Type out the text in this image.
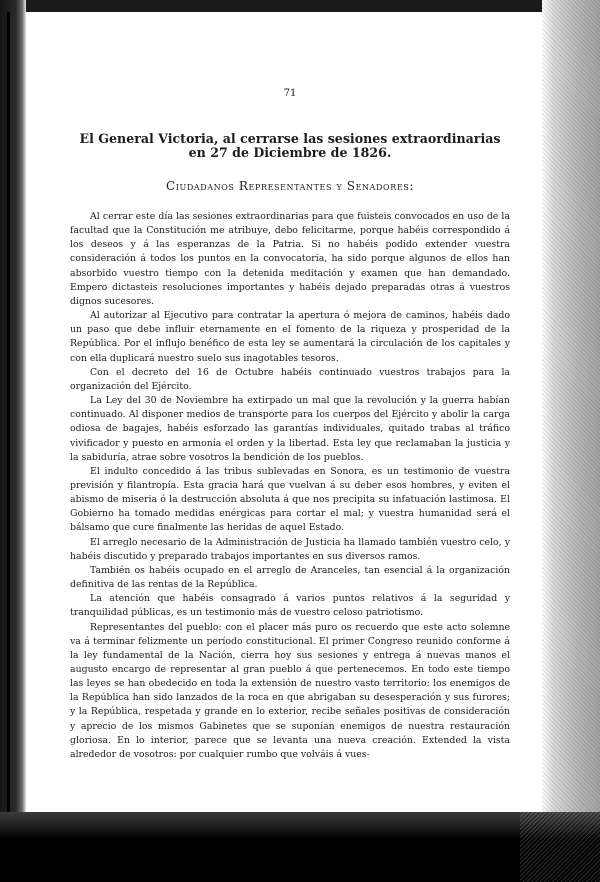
71
El General Victoria, al cerrarse las sesiones extraordinarias
en 27 de Diciembre de 1826.
Ciudadanos Representantes y Senadores:

Al cerrar este día las sesiones extraordinarias para que fuisteis convocados en uso de la facultad que la Constitución me atribuye, debo felicitarme, porque habéis correspondido á los deseos y á las esperanzas de la Patria. Si no habéis podido extender vuestra consideración á todos los puntos en la convocatoria, ha sido porque algunos de ellos han absorbido vuestro tiempo con la detenida meditación y examen que han demandado. Empero dictasteis resoluciones importantes y habéis dejado preparadas otras á vuestros dignos sucesores.

Al autorizar al Ejecutivo para contratar la apertura ó mejora de caminos, habéis dado un paso que debe influir eternamente en el fomento de la riqueza y prosperidad de la República. Por el influjo benéfico de esta ley se aumentará la circulación de los capitales y con ella duplicará nuestro suelo sus inagotables tesoros.

Con el decreto del 16 de Octubre habéis continuado vuestros trabajos para la organización del Ejército.

La Ley del 30 de Noviembre ha extirpado un mal que la revolución y la guerra habían continuado. Al disponer medios de transporte para los cuerpos del Ejército y abolir la carga odiosa de bagajes, habéis esforzado las garantías individuales, quitado trabas al tráfico vivificador y puesto en armonía el orden y la libertad. Esta ley que reclamaban la justicia y la sabiduría, atrae sobre vosotros la bendición de los pueblos.

El indulto concedido á las tribus sublevadas en Sonora, es un testimonio de vuestra previsión y filantropía. Esta gracia hará que vuelvan á su deber esos hombres, y eviten el abismo de miseria ó la destrucción absoluta á que nos precipita su infatuación lastimosa. El Gobierno ha tomado medidas enérgicas para cortar el mal; y vuestra humanidad será el bálsamo que cure finalmente las heridas de aquel Estado.

El arreglo necesario de la Administración de Justicia ha llamado también vuestro celo, y habéis discutido y preparado trabajos importantes en sus diversos ramos.

También os habéis ocupado en el arreglo de Aranceles, tan esencial á la organización definitiva de las rentas de la República.

La atención que habéis consagrado á varios puntos relativos á la seguridad y tranquilidad públicas, es un testimonio más de vuestro celoso patriotismo.

Representantes del pueblo: con el placer más puro os recuerdo que este acto solemne va á terminar felizmente un período constitucional. El primer Congreso reunido conforme á la ley fundamental de la Nación, cierra hoy sus sesiones y entrega á nuevas manos el augusto encargo de representar al gran pueblo á que pertenecemos. En todo este tiempo las leyes se han obedecido en toda la extensión de nuestro vasto territorio: los enemigos de la República han sido lanzados de la roca en que abrigaban su desesperación y sus furores; y la República, respetada y grande en lo exterior, recibe señales positivas de consideración y aprecio de los mismos Gabinetes que se suponían enemigos de nuestra restauración gloriosa. En lo interior, parece que se levanta una nueva creación. Extended la vista alrededor de vosotros: por cualquier rumbo que volváis á vues-
